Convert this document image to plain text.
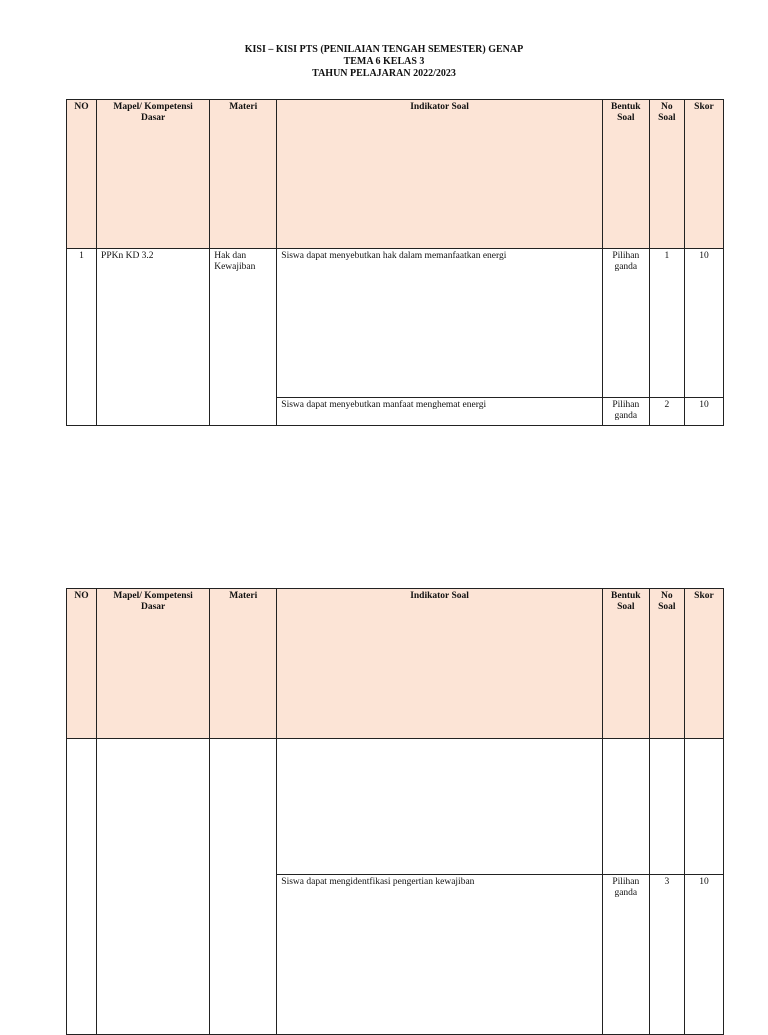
KISI – KISI PTS (PENILAIAN TENGAH SEMESTER) GENAP
TEMA 6 KELAS 3
TAHUN PELAJARAN 2022/2023
NO	Mapel/ Kompetensi Dasar	Materi	Indikator Soal	Bentuk Soal	No Soal	Skor
1	PPKn KD 3.2	Hak dan Kewajiban	Siswa dapat menyebutkan hak dalam memanfaatkan energi	Pilihan ganda	1	10
			Siswa dapat menyebutkan manfaat menghemat energi	Pilihan ganda	2	10
NO	Mapel/ Kompetensi Dasar	Materi	Indikator Soal	Bentuk Soal	No Soal	Skor

			Siswa dapat mengidentfikasi pengertian kewajiban	Pilihan ganda	3	10
